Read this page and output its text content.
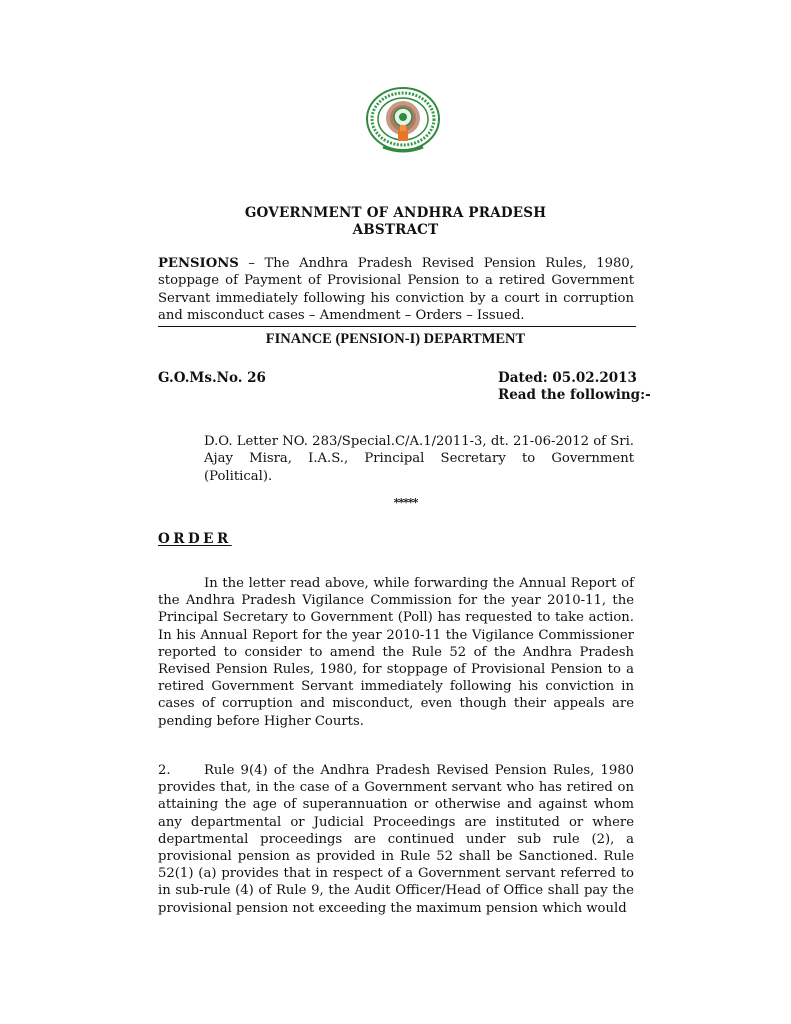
GOVERNMENT OF ANDHRA PRADESH
ABSTRACT
PENSIONS – The Andhra Pradesh Revised Pension Rules, 1980, stoppage of Payment of Provisional Pension to a retired Government Servant immediately following his conviction by a court in corruption and misconduct cases – Amendment – Orders – Issued.
FINANCE (PENSION-I) DEPARTMENT
G.O.Ms.No. 26	Dated: 05.02.2013
Read the following:-
D.O. Letter NO. 283/Special.C/A.1/2011-3, dt. 21-06-2012 of Sri. Ajay Misra, I.A.S., Principal Secretary to Government (Political).
*****
ORDER
In the letter read above, while forwarding the Annual Report of the Andhra Pradesh Vigilance Commission for the year 2010-11, the Principal Secretary to Government (Poll) has requested to take action. In his Annual Report for the year 2010-11 the Vigilance Commissioner reported to consider to amend the Rule 52 of the Andhra Pradesh Revised Pension Rules, 1980, for stoppage of Provisional Pension to a retired Government Servant immediately following his conviction in cases of corruption and misconduct, even though their appeals are pending before Higher Courts.
2.	Rule 9(4) of the Andhra Pradesh Revised Pension Rules, 1980 provides that, in the case of a Government servant who has retired on attaining the age of superannuation or otherwise and against whom any departmental or Judicial Proceedings are instituted or where departmental proceedings are continued under sub rule (2), a provisional pension as provided in Rule 52 shall be Sanctioned. Rule 52(1) (a) provides that in respect of a Government servant referred to in sub-rule (4) of Rule 9, the Audit Officer/Head of Office shall pay the provisional pension not exceeding the maximum pension which would
